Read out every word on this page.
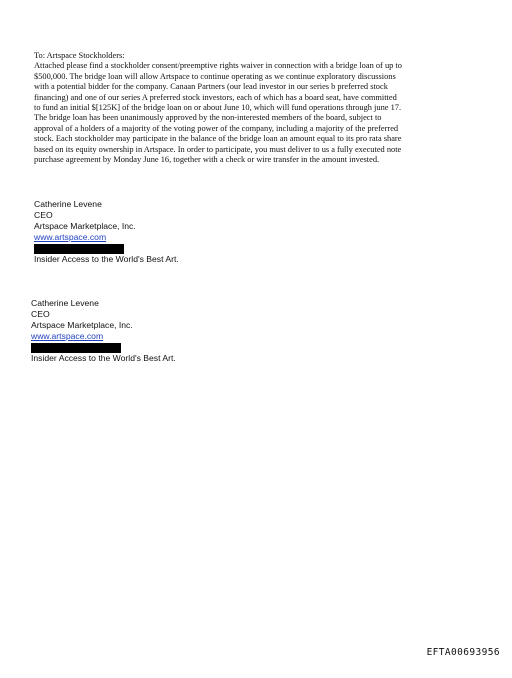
To: Artspace Stockholders:

Attached please find a stockholder consent/preemptive rights waiver in connection with a bridge loan of up to

$500,000. The bridge loan will allow Artspace to continue operating as we continue exploratory discussions

with a potential bidder for the company. Canaan Partners (our lead investor in our series b preferred stock

financing) and one of our series A preferred stock investors, each of which has a board seat, have committed

to fund an initial $[125K] of the bridge loan on or about June 10, which will fund operations through june 17.

The bridge loan has been unanimously approved by the non-interested members of the board, subject to

approval of a holders of a majority of the voting power of the company, including a majority of the preferred

stock. Each stockholder may participate in the balance of the bridge loan an amount equal to its pro rata share

based on its equity ownership in Artspace. In order to participate, you must deliver to us a fully executed note

purchase agreement by Monday June 16, together with a check or wire transfer in the amount invested.

Catherine Levene
CEO
Artspace Marketplace, Inc.
www.artspace.com
Insider Access to the World's Best Art.
Catherine Levene
CEO
Artspace Marketplace, Inc.
www.artspace.com
Insider Access to the World's Best Art.
EFTA00693956
